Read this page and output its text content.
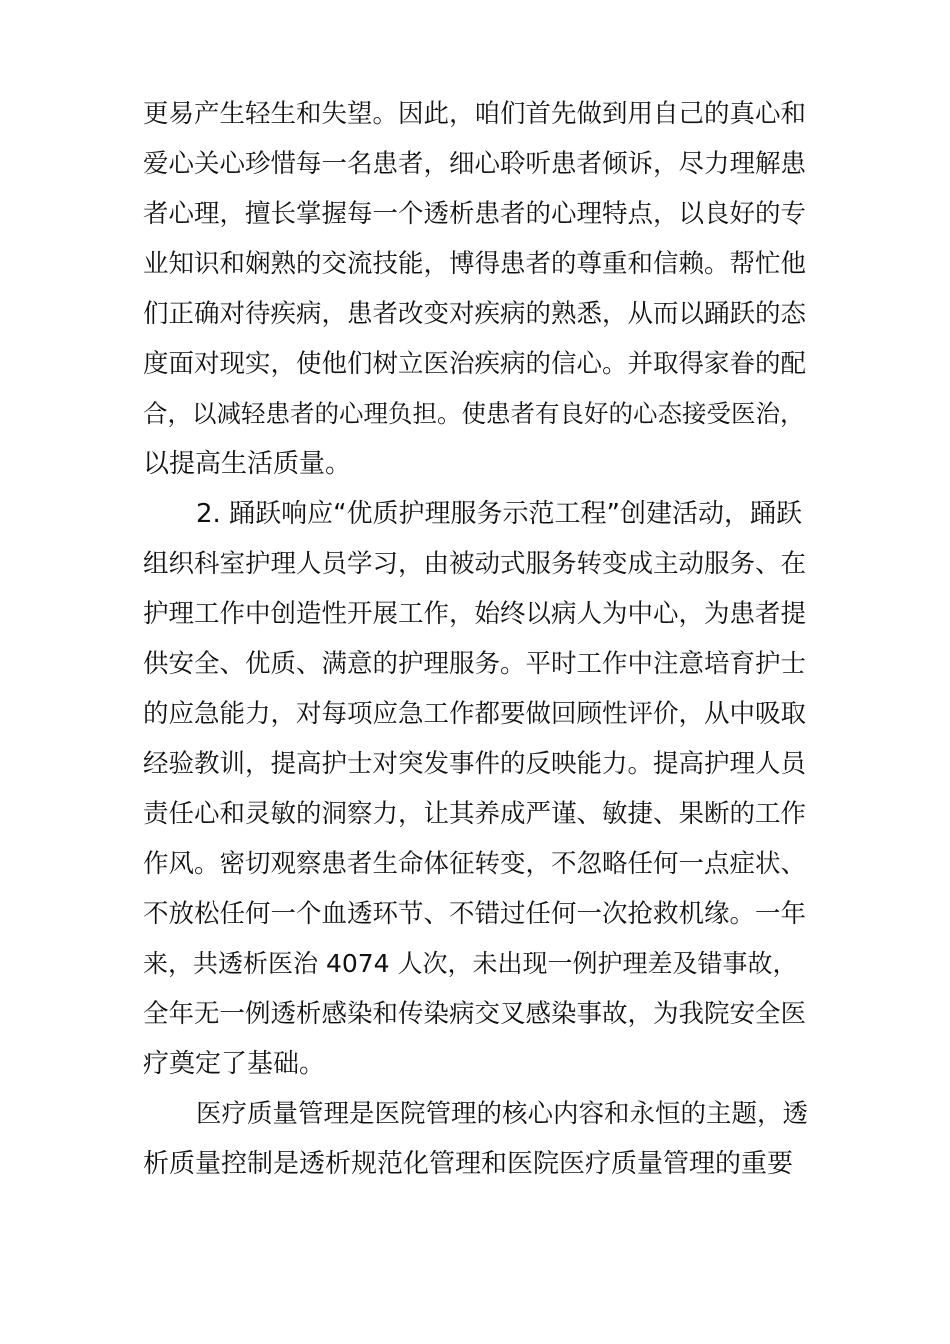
更易产生轻生和失望。因此，咱们首先做到用自己的真心和
爱心关心珍惜每一名患者，细心聆听患者倾诉，尽力理解患
者心理，擅长掌握每一个透析患者的心理特点，以良好的专
业知识和娴熟的交流技能，博得患者的尊重和信赖。帮忙他
们正确对待疾病，患者改变对疾病的熟悉，从而以踊跃的态
度面对现实，使他们树立医治疾病的信心。并取得家眷的配
合，以减轻患者的心理负担。使患者有良好的心态接受医治，
以提高生活质量。
2. 踊跃响应“优质护理服务示范工程”创建活动，踊跃
组织科室护理人员学习，由被动式服务转变成主动服务、在
护理工作中创造性开展工作，始终以病人为中心，为患者提
供安全、优质、满意的护理服务。平时工作中注意培育护士
的应急能力，对每项应急工作都要做回顾性评价，从中吸取
经验教训，提高护士对突发事件的反映能力。提高护理人员
责任心和灵敏的洞察力，让其养成严谨、敏捷、果断的工作
作风。密切观察患者生命体征转变，不忽略任何一点症状、
不放松任何一个血透环节、不错过任何一次抢救机缘。一年
来，共透析医治 4074 人次，未出现一例护理差及错事故，
全年无一例透析感染和传染病交叉感染事故，为我院安全医
疗奠定了基础。
医疗质量管理是医院管理的核心内容和永恒的主题，透
析质量控制是透析规范化管理和医院医疗质量管理的重要
